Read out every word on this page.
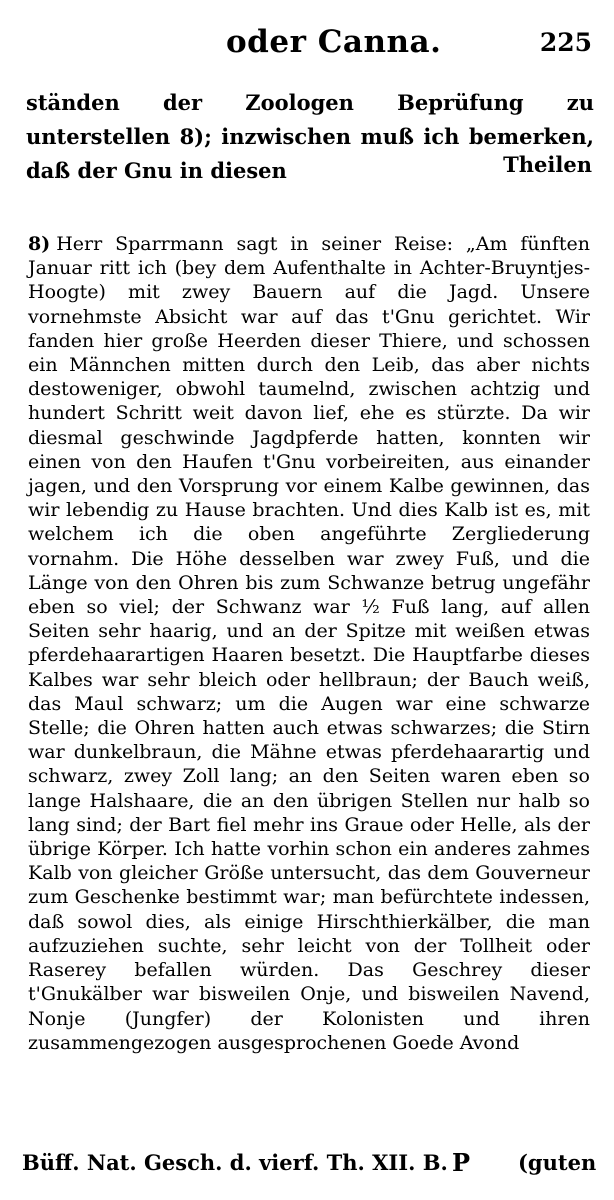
oder Canna.	225

ständen der Zoologen Beprüfung zu unterstellen 8); inzwischen muß ich bemerken, daß der Gnu in diesen	Theilen

8) Herr Sparrmann sagt in seiner Reise: „Am fünften Januar ritt ich (bey dem Aufenthalte in Achter-Bruyntjes-Hoogte) mit zwey Bauern auf die Jagd. Unsere vornehmste Absicht war auf das t'Gnu gerichtet. Wir fanden hier große Heerden dieser Thiere, und schossen ein Männchen mitten durch den Leib, das aber nichts destoweniger, obwohl taumelnd, zwischen achtzig und hundert Schritt weit davon lief, ehe es stürzte. Da wir diesmal geschwinde Jagdpferde hatten, konnten wir einen von den Haufen t'Gnu vorbeireiten, aus einander jagen, und den Vorsprung vor einem Kalbe gewinnen, das wir lebendig zu Hause brachten. Und dies Kalb ist es, mit welchem ich die oben angeführte Zergliederung vornahm. Die Höhe desselben war zwey Fuß, und die Länge von den Ohren bis zum Schwanze betrug ungefähr eben so viel; der Schwanz war ½ Fuß lang, auf allen Seiten sehr haarig, und an der Spitze mit weißen etwas pferdehaarartigen Haaren besetzt. Die Hauptfarbe dieses Kalbes war sehr bleich oder hellbraun; der Bauch weiß, das Maul schwarz; um die Augen war eine schwarze Stelle; die Ohren hatten auch etwas schwarzes; die Stirn war dunkelbraun, die Mähne etwas pferdehaarartig und schwarz, zwey Zoll lang; an den Seiten waren eben so lange Halshaare, die an den übrigen Stellen nur halb so lang sind; der Bart fiel mehr ins Graue oder Helle, als der übrige Körper. Ich hatte vorhin schon ein anderes zahmes Kalb von gleicher Größe untersucht, das dem Gouverneur zum Geschenke bestimmt war; man befürchtete indessen, daß sowol dies, als einige Hirschthierkälber, die man aufzuziehen suchte, sehr leicht von der Tollheit oder Raserey befallen würden. Das Geschrey dieser t'Gnukälber war bisweilen Onje, und bisweilen Navend, Nonje (Jungfer) der Kolonisten und ihren zusammengezogen ausgesprochenen Goede Avond

Büff. Nat. Gesch. d. vierf. Th. XII. B. P (guten
